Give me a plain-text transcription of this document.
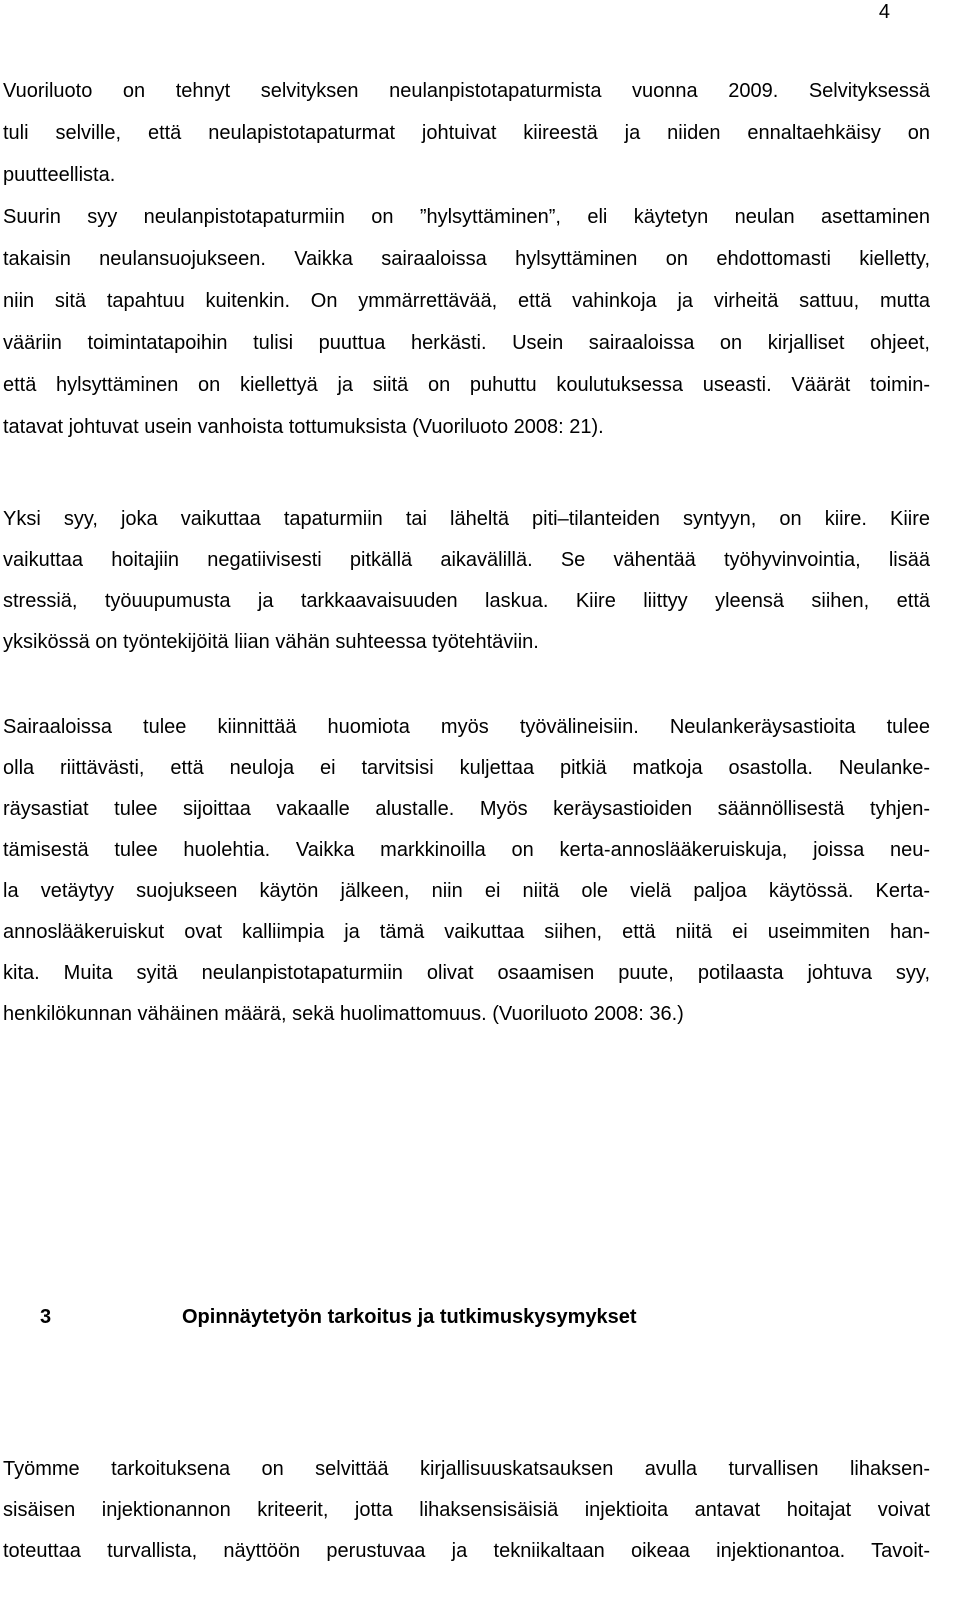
4
Vuoriluoto on tehnyt selvityksen neulanpistotapaturmista vuonna 2009. Selvityksessä
tuli selville, että neulapistotapaturmat johtuivat kiireestä ja niiden ennaltaehkäisy on
puutteellista.
Suurin syy neulanpistotapaturmiin on ”hylsyttäminen”, eli käytetyn neulan asettaminen
takaisin neulansuojukseen. Vaikka sairaaloissa hylsyttäminen on ehdottomasti kielletty,
niin sitä tapahtuu kuitenkin. On ymmärrettävää, että vahinkoja ja virheitä sattuu, mutta
vääriin toimintatapoihin tulisi puuttua herkästi. Usein sairaaloissa on kirjalliset ohjeet,
että hylsyttäminen on kiellettyä ja siitä on puhuttu koulutuksessa useasti. Väärät toimin-
tatavat johtuvat usein vanhoista tottumuksista (Vuoriluoto 2008: 21).
Yksi syy, joka vaikuttaa tapaturmiin tai läheltä piti–tilanteiden syntyyn, on kiire. Kiire
vaikuttaa hoitajiin negatiivisesti pitkällä aikavälillä. Se vähentää työhyvinvointia, lisää
stressiä, työuupumusta ja tarkkaavaisuuden laskua. Kiire liittyy yleensä siihen, että
yksikössä on työntekijöitä liian vähän suhteessa työtehtäviin.
Sairaaloissa tulee kiinnittää huomiota myös työvälineisiin. Neulankeräysastioita tulee
olla riittävästi, että neuloja ei tarvitsisi kuljettaa pitkiä matkoja osastolla. Neulanke-
räysastiat tulee sijoittaa vakaalle alustalle. Myös keräysastioiden säännöllisestä tyhjen-
tämisestä tulee huolehtia. Vaikka markkinoilla on kerta-annoslääkeruiskuja, joissa neu-
la vetäytyy suojukseen käytön jälkeen, niin ei niitä ole vielä paljoa käytössä. Kerta-
annoslääkeruiskut ovat kalliimpia ja tämä vaikuttaa siihen, että niitä ei useimmiten han-
kita. Muita syitä neulanpistotapaturmiin olivat osaamisen puute, potilaasta johtuva syy,
henkilökunnan vähäinen määrä, sekä huolimattomuus. (Vuoriluoto 2008: 36.)
3	Opinnäytetyön tarkoitus ja tutkimuskysymykset
Työmme tarkoituksena on selvittää kirjallisuuskatsauksen avulla turvallisen lihaksen-
sisäisen injektionannon kriteerit, jotta lihaksensisäisiä injektioita antavat hoitajat voivat
toteuttaa turvallista, näyttöön perustuvaa ja tekniikaltaan oikeaa injektionantoa. Tavoit-
